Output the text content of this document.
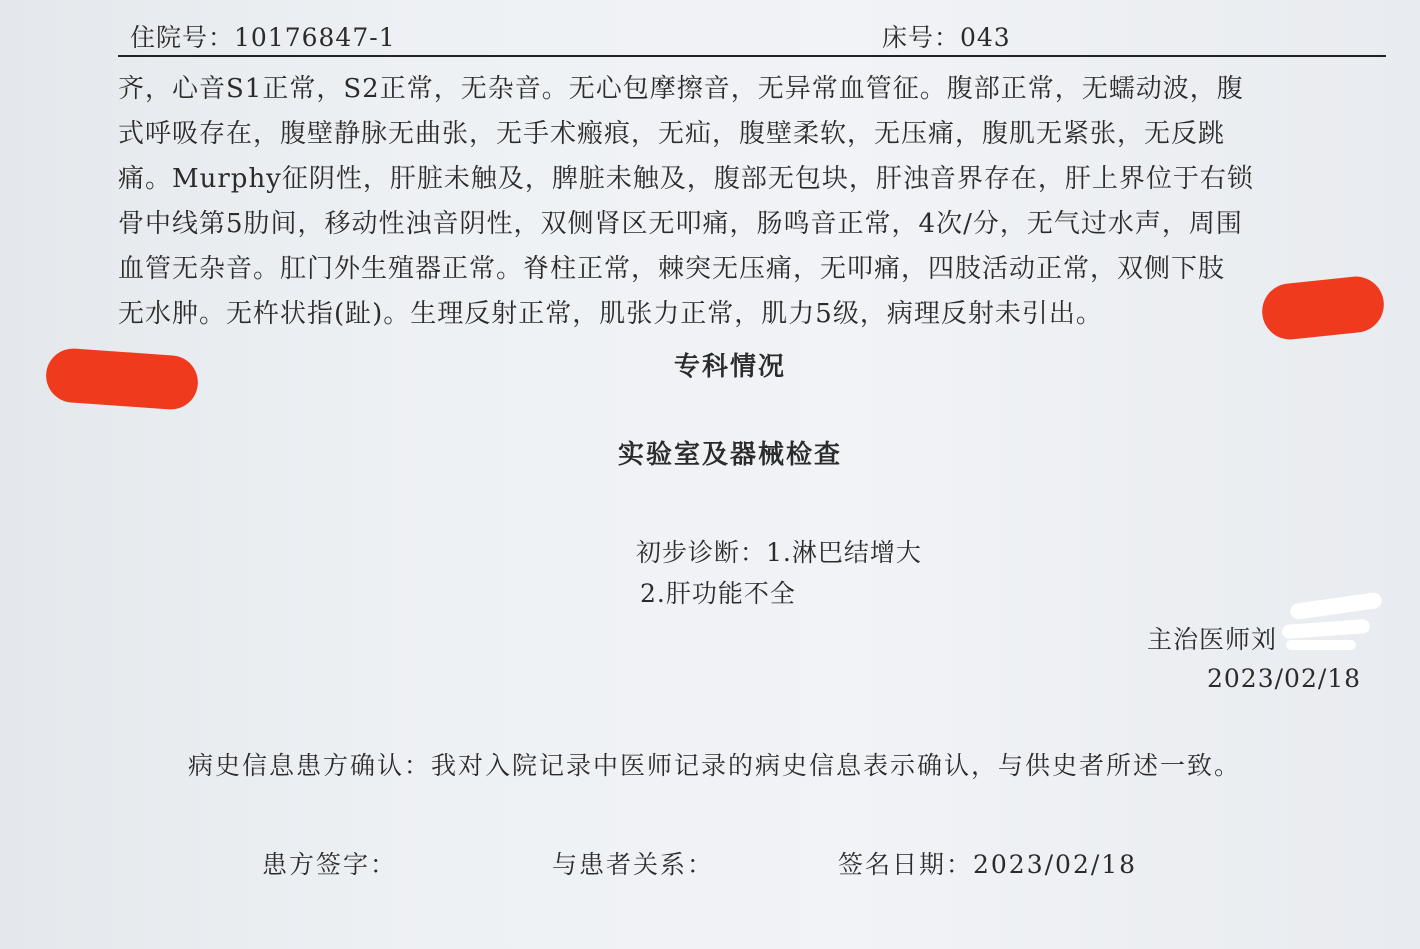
住院号：10176847-1	床号：043
齐，心音S1正常，S2正常，无杂音。无心包摩擦音，无异常血管征。腹部正常，无蠕动波，腹
式呼吸存在，腹壁静脉无曲张，无手术瘢痕，无疝，腹壁柔软，无压痛，腹肌无紧张，无反跳
痛。Murphy征阴性，肝脏未触及，脾脏未触及，腹部无包块，肝浊音界存在，肝上界位于右锁
骨中线第5肋间，移动性浊音阴性，双侧肾区无叩痛，肠鸣音正常，4次/分，无气过水声，周围
血管无杂音。肛门外生殖器正常。脊柱正常，棘突无压痛，无叩痛，四肢活动正常，双侧下肢
无水肿。无杵状指(趾)。生理反射正常，肌张力正常，肌力5级，病理反射未引出。
专科情况
实验室及器械检查
初步诊断：1.淋巴结增大
2.肝功能不全
主治医师刘
2023/02/18
病史信息患方确认：我对入院记录中医师记录的病史信息表示确认，与供史者所述一致。
患方签字：	与患者关系：	签名日期：2023/02/18
